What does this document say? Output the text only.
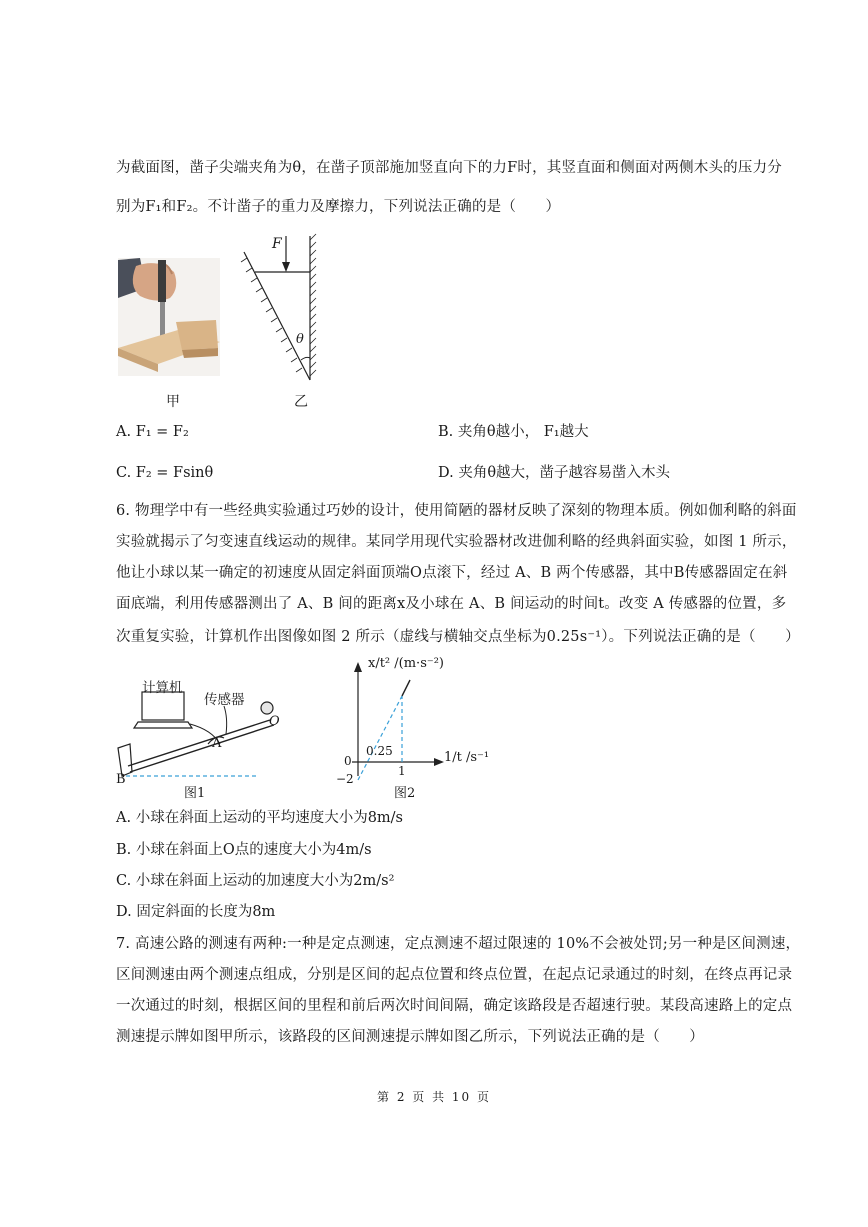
为截面图，凿子尖端夹角为θ，在凿子顶部施加竖直向下的力F时，其竖直面和侧面对两侧木头的压力分
别为F₁和F₂。不计凿子的重力及摩擦力，下列说法正确的是（　　）
甲
F
θ
乙
A. F₁ = F₂	B. 夹角θ越小， F₁越大
C. F₂ = Fsinθ	D. 夹角θ越大，凿子越容易凿入木头
6. 物理学中有一些经典实验通过巧妙的设计，使用简陋的器材反映了深刻的物理本质。例如伽利略的斜面
实验就揭示了匀变速直线运动的规律。某同学用现代实验器材改进伽利略的经典斜面实验，如图 1 所示，
他让小球以某一确定的初速度从固定斜面顶端O点滚下，经过 A、B 两个传感器，其中B传感器固定在斜
面底端，利用传感器测出了 A、B 间的距离x及小球在 A、B 间运动的时间t。改变 A 传感器的位置，多
次重复实验，计算机作出图像如图 2 所示（虚线与横轴交点坐标为0.25s⁻¹）。下列说法正确的是（　　）
计算机
传感器
O
A
B
图1
x/t² /(m·s⁻²)
1/t /s⁻¹
0
0.25
1
−2
图2
A. 小球在斜面上运动的平均速度大小为8m/s
B. 小球在斜面上O点的速度大小为4m/s
C. 小球在斜面上运动的加速度大小为2m/s²
D. 固定斜面的长度为8m
7. 高速公路的测速有两种:一种是定点测速，定点测速不超过限速的 10%不会被处罚;另一种是区间测速，
区间测速由两个测速点组成，分别是区间的起点位置和终点位置，在起点记录通过的时刻，在终点再记录
一次通过的时刻，根据区间的里程和前后两次时间间隔，确定该路段是否超速行驶。某段高速路上的定点
测速提示牌如图甲所示，该路段的区间测速提示牌如图乙所示，下列说法正确的是（　　）
第 2 页 共 10 页
